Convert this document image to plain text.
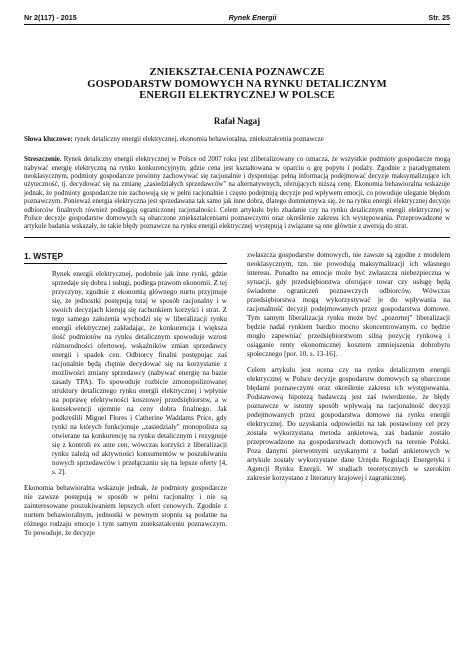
Nr 2(117) - 2015	Rynek Energii	Str. 25
ZNIEKSZTAŁCENIA POZNAWCZE
GOSPODARSTW DOMOWYCH NA RYNKU DETALICZNYM
ENERGII ELEKTRYCZNEJ W POLSCE
Rafał Nagaj
Słowa kluczowe: rynek detaliczny energii elektrycznej, ekonomia behawioralna, zniekształcenia poznawcze
Streszczenie. Rynek detaliczny energii elektrycznej w Polsce od 2007 roku jest zliberalizowany co oznacza, że wszystkie podmioty gospodarcze mogą nabywać energię elektryczną na rynku konkurencyjnym, gdzie cena jest kształtowana w oparciu o grę popytu i podaży. Zgodnie z paradygmatem neoklasycznym, podmioty gospodarcze powinny zachowywać się racjonalnie i dysponując pełną informacją podejmować decyzje maksymalizujące ich użyteczność, tj. decydować się na zmianę „zasiedziałych sprzedawców" na alternatywnych, oferujących niższą cenę. Ekonomia behawioralna wskazuje jednak, że podmioty gospodarcze nie zachowują się w pełni racjonalnie i często podejmują decyzje pod wpływem emocji, co powoduje uleganie błędom poznawczym. Ponieważ energia elektryczna jest sprzedawana tak samo jak inne dobra, dlatego domniemywa się, że na rynku energii elektrycznej decyzje odbiorców finalnych również podlegają ograniczonej racjonalności. Celem artykułu było zbadanie czy na rynku detalicznym energii elektrycznej w Polsce decyzje gospodarstw domowych są obarczone zniekształceniami poznawczymi oraz określenie zakresu ich występowania. Przeprowadzone w artykule badania wskazały, że takie błędy poznawcze na rynku energii elektrycznej występują i związane są one głównie z awersją do strat.
1. WSTĘP

Rynek energii elektrycznej, podobnie jak inne rynki, gdzie sprzedaje się dobra i usługi, podlega prawom ekonomii. Z tej przyczyny, zgodnie z ekonomią głównego nurtu przyjmuje się, że jednostki postępują tutaj w sposób racjonalny i w swoich decyzjach kierują się rachunkiem korzyści i strat. Z tego samego założenia wychodzi się w liberalizacji rynku energii elektrycznej zakładając, że konkurencja i większa ilość podmiotów na rynku detalicznym spowoduje wzrost różnorodności ofertowej, wskaźników zmian sprzedawcy energii i spadek cen. Odbiorcy finalni postępując zaś racjonalnie będą chętnie decydować się na korzystanie z możliwości zmiany sprzedawcy (nabywać energię na bazie zasady TPA). To spowoduje rozbicie zmonopolizowanej struktury detalicznego rynku energii elektrycznej i wpłynie na poprawę efektywności kosztowej przedsiębiorstw, a w konsekwencji ujemnie na ceny dobra finalnego. Jak podkreślili Miguel Flores i Catherine Waddams Price, gdy rynki na których funkcjonuje „zasiedziały" monopolista są otwierane na konkurencję na rynku detalicznym i rezygnuje się z kontroli ex ante cen, wówczas korzyści z liberalizacji rynku zależą od aktywności konsumentów w poszukiwaniu nowych sprzedawców i przełączaniu się na lepsze oferty [4, s. 2].

Ekonomia behawioralna wskazuje jednak, że podmioty gospodarcze nie zawsze postępują w sposób w pełni racjonalny i nie są zainteresowane poszukiwaniem lepszych ofert cenowych. Zgodnie z nurtem behawioralnym, jednostki w pewnym stopniu są podatne na różnego rodzaju emocje i tym samym zniekształceniu poznawczym. To powoduje, że decyzje

zwłaszcza gospodarstw domowych, nie zawsze są zgodne z modelem neoklasycznym, tzn. nie powodują maksymalizacji ich własnego interesu. Ponadto na emocje może być zwłaszcza niebezpieczna w sytuacji, gdy przedsiębiorstwa oferujące towar czy usługę będą świadome ograniczeń poznawczych odbiorców. Wówczas przedsiębiorstwa mogą wykorzystywać je do wpływania na racjonalność decyzji podejmowanych przez gospodarstwa domowe. Tym samym liberalizacja rynku może być „pozornej" liberalizacji będzie nadal rynkiem bardzo mocno skoncentrowanym, co będzie mogło zapewniać przedsiębiorstwom silną pozycję rynkową i osiąganie renty ekonomicznej kosztem zmniejszenia dobrobytu społecznego [por. 10, s. 13-16].

Celem artykułu jest ocena czy na rynku detalicznym energii elektrycznej w Polsce decyzje gospodarstw domowych są obarczone błędami poznawczymi oraz określenie zakresu ich występowania. Podstawową hipotezą badawczą jest zaś twierdzenie, że błędy poznawcze w istotny sposób wpływają na racjonalność decyzji podejmowanych przez gospodarstwa domowe na rynku energii elektrycznej. Do uzyskania odpowiedzi na tak postawiony cel przy została wykorzystana metoda ankietowa, zaś badanie zostało przeprowadzone na gospodarstwach domowych na terenie Polski. Poza danymi pierwotnymi uzyskanymi z badań ankietowych w artykule zostały wykorzystane dane Urzędu Regulacji Energetyki i Agencji Rynku Energii. W studiach teoretycznych w szerokim zakresie korzystano z literatury krajowej i zagranicznej.
